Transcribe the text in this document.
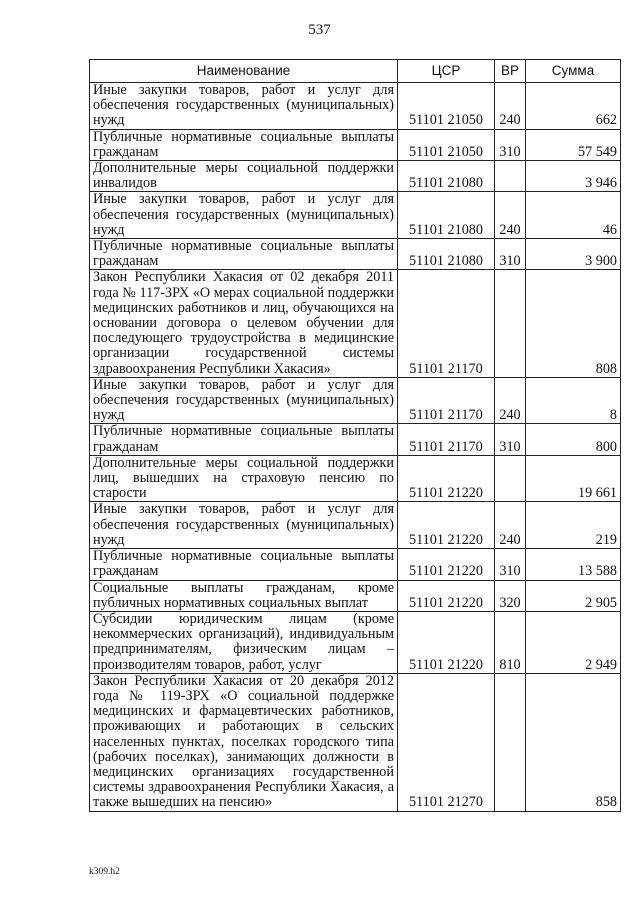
537
Наименование	ЦСР	ВР	Сумма
Иные закупки товаров, работ и услуг для обеспечения государственных (муниципальных) нужд	51101 21050	240	662
Публичные нормативные социальные выплаты гражданам	51101 21050	310	57 549
Дополнительные меры социальной поддержки инвалидов	51101 21080		3 946
Иные закупки товаров, работ и услуг для обеспечения государственных (муниципальных) нужд	51101 21080	240	46
Публичные нормативные социальные выплаты гражданам	51101 21080	310	3 900
Закон Республики Хакасия от 02 декабря 2011 года № 117-ЗРХ «О мерах социальной поддержки медицинских работников и лиц, обучающихся на основании договора о целевом обучении для последующего трудоустройства в медицинские организации государственной системы здравоохранения Республики Хакасия»	51101 21170		808
Иные закупки товаров, работ и услуг для обеспечения государственных (муниципальных) нужд	51101 21170	240	8
Публичные нормативные социальные выплаты гражданам	51101 21170	310	800
Дополнительные меры социальной поддержки лиц, вышедших на страховую пенсию по старости	51101 21220		19 661
Иные закупки товаров, работ и услуг для обеспечения государственных (муниципальных) нужд	51101 21220	240	219
Публичные нормативные социальные выплаты гражданам	51101 21220	310	13 588
Социальные выплаты гражданам, кроме публичных нормативных социальных выплат	51101 21220	320	2 905
Субсидии юридическим лицам (кроме некоммерческих организаций), индивидуальным предпринимателям, физическим лицам – производителям товаров, работ, услуг	51101 21220	810	2 949
Закон Республики Хакасия от 20 декабря 2012 года № 119-ЗРХ «О социальной поддержке медицинских и фармацевтических работников, проживающих и работающих в сельских населенных пунктах, поселках городского типа (рабочих поселках), занимающих должности в медицинских организациях государственной системы здравоохранения Республики Хакасия, а также вышедших на пенсию»	51101 21270		858
k309.h2
